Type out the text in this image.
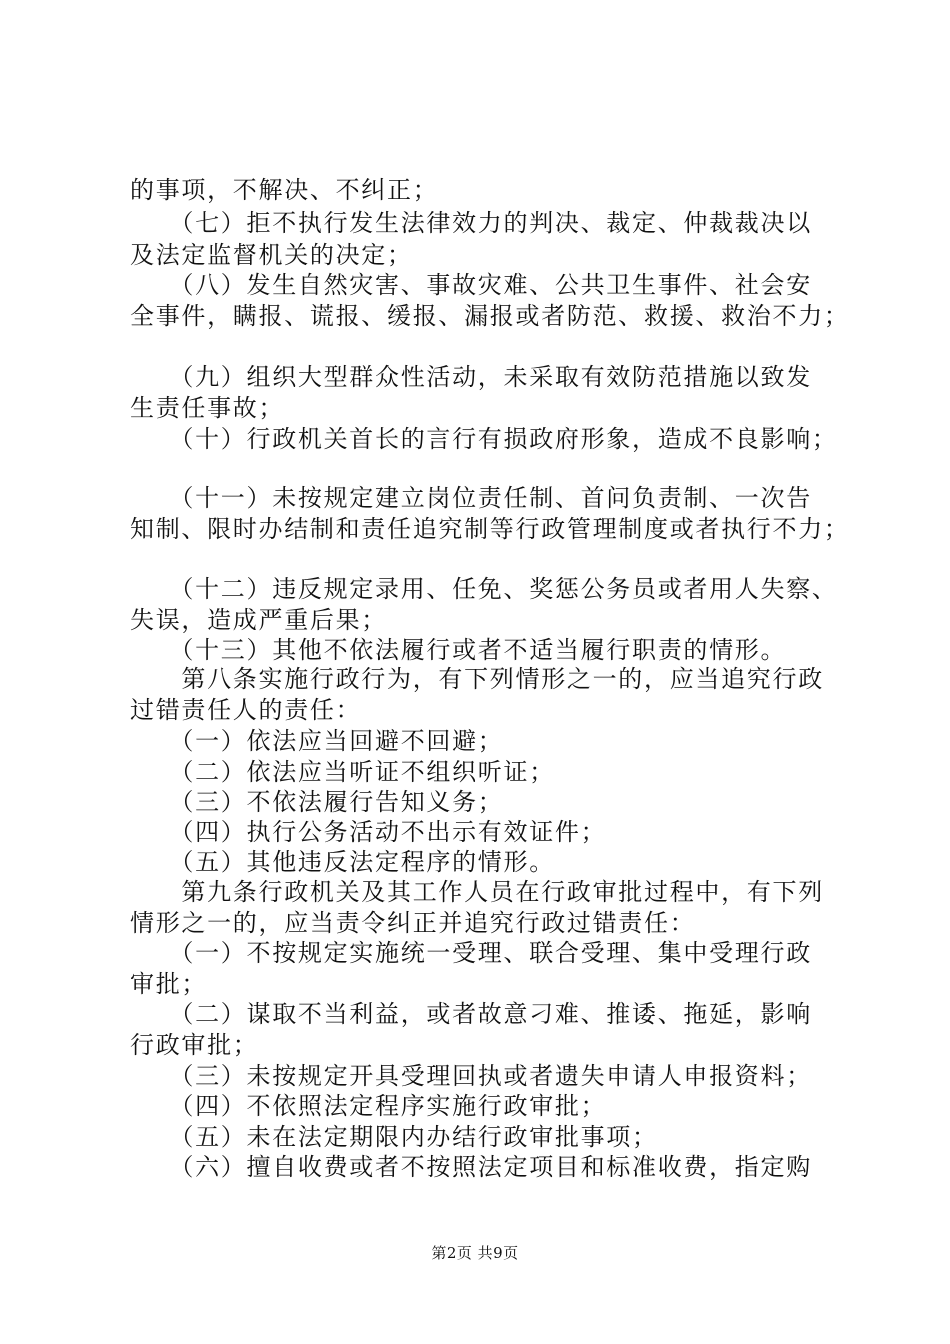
的事项，不解决、不纠正；
　　（七）拒不执行发生法律效力的判决、裁定、仲裁裁决以
及法定监督机关的决定；
　　（八）发生自然灾害、事故灾难、公共卫生事件、社会安
全事件，瞒报、谎报、缓报、漏报或者防范、救援、救治不力；
　　（九）组织大型群众性活动，未采取有效防范措施以致发
生责任事故；
　　（十）行政机关首长的言行有损政府形象，造成不良影响；
　　（十一）未按规定建立岗位责任制、首问负责制、一次告
知制、限时办结制和责任追究制等行政管理制度或者执行不力；
　　（十二）违反规定录用、任免、奖惩公务员或者用人失察、
失误，造成严重后果；
　　（十三）其他不依法履行或者不适当履行职责的情形。
　　第八条实施行政行为，有下列情形之一的，应当追究行政
过错责任人的责任：
　　（一）依法应当回避不回避；
　　（二）依法应当听证不组织听证；
　　（三）不依法履行告知义务；
　　（四）执行公务活动不出示有效证件；
　　（五）其他违反法定程序的情形。
　　第九条行政机关及其工作人员在行政审批过程中，有下列
情形之一的，应当责令纠正并追究行政过错责任：
　　（一）不按规定实施统一受理、联合受理、集中受理行政
审批；
　　（二）谋取不当利益，或者故意刁难、推诿、拖延，影响
行政审批；
　　（三）未按规定开具受理回执或者遗失申请人申报资料；
　　（四）不依照法定程序实施行政审批；
　　（五）未在法定期限内办结行政审批事项；
　　（六）擅自收费或者不按照法定项目和标准收费，指定购
第2页 共9页
